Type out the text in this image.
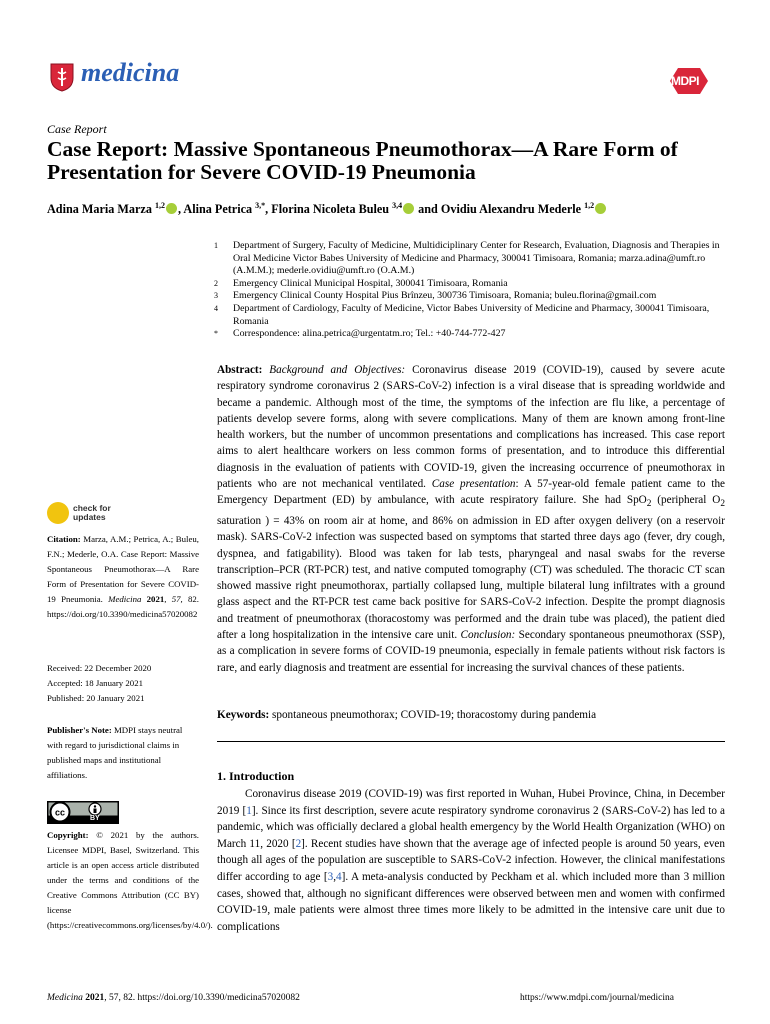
medicina	MDPI
Case Report
Case Report: Massive Spontaneous Pneumothorax—A Rare Form of Presentation for Severe COVID-19 Pneumonia
Adina Maria Marza $^{1,2}$ , Alina Petrica $^{3,*}$, Florina Nicoleta Buleu $^{3,4}$ and Ovidiu Alexandru Mederle $^{1,2}$
1	Department of Surgery, Faculty of Medicine, Multidiciplinary Center for Research, Evaluation, Diagnosis and Therapies in Oral Medicine Victor Babes University of Medicine and Pharmacy, 300041 Timisoara, Romania; marza.adina@umft.ro (A.M.M.); mederle.ovidiu@umft.ro (O.A.M.)
2	Emergency Clinical Municipal Hospital, 300041 Timisoara, Romania
3	Emergency Clinical County Hospital Pius Brînzeu, 300736 Timisoara, Romania; buleu.florina@gmail.com
4	Department of Cardiology, Faculty of Medicine, Victor Babes University of Medicine and Pharmacy, 300041 Timisoara, Romania
*	Correspondence: alina.petrica@urgentatm.ro; Tel.: +40-744-772-427
Abstract: Background and Objectives: Coronavirus disease 2019 (COVID-19), caused by severe acute respiratory syndrome coronavirus 2 (SARS-CoV-2) infection is a viral disease that is spreading worldwide and became a pandemic. Although most of the time, the symptoms of the infection are flu like, a percentage of patients develop severe forms, along with severe complications. Many of them are known among front-line health workers, but the number of uncommon presentations and complications has increased. This case report aims to alert healthcare workers on less common forms of presentation, and to introduce this differential diagnosis in the evaluation of patients with COVID-19, given the increasing occurrence of pneumothorax in patients who are not mechanical ventilated. Case presentation: A 57-year-old female patient came to the Emergency Department (ED) by ambulance, with acute respiratory failure. She had SpO$_2$ (peripheral $O_2$ saturation ) = 43% on room air at home, and 86% on admission in ED after oxygen delivery (on a reservoir mask). SARS-CoV-2 infection was suspected based on symptoms that started three days ago (fever, dry cough, dyspnea, and fatigability). Blood was taken for lab tests, pharyngeal and nasal swabs for the reverse transcription–PCR (RT-PCR) test, and native computed tomography (CT) was scheduled. The thoracic CT scan showed massive right pneumothorax, partially collapsed lung, multiple bilateral lung infiltrates with a ground glass aspect and the RT-PCR test came back positive for SARS-CoV-2 infection. Despite the prompt diagnosis and treatment of pneumothorax (thoracostomy was performed and the drain tube was placed), the patient died after a long hospitalization in the intensive care unit. Conclusion: Secondary spontaneous pneumothorax (SSP), as a complication in severe forms of COVID-19 pneumonia, especially in female patients without risk factors is rare, and early diagnosis and treatment are essential for increasing the survival chances of these patients.
Keywords: spontaneous pneumothorax; COVID-19; thoracostomy during pandemia
1. Introduction
Coronavirus disease 2019 (COVID-19) was first reported in Wuhan, Hubei Province, China, in December 2019 [1]. Since its first description, severe acute respiratory syndrome coronavirus 2 (SARS-CoV-2) has led to a pandemic, which was officially declared a global health emergency by the World Health Organization (WHO) on March 11, 2020 [2]. Recent studies have shown that the average age of infected people is around 50 years, even though all ages of the population are susceptible to SARS-CoV-2 infection. However, the clinical manifestations differ according to age [3,4]. A meta-analysis conducted by Peckham et al. which included more than 3 million cases, showed that, although no significant differences were observed between men and women with confirmed COVID-19, male patients were almost three times more likely to be admitted in the intensive care unit due to complications
check for
updates
Citation: Marza, A.M.; Petrica, A.; Buleu, F.N.; Mederle, O.A. Case Report: Massive Spontaneous Pneumothorax—A Rare Form of Presentation for Severe COVID-19 Pneumonia. Medicina 2021, 57, 82. https://doi.org/10.3390/medicina57020082
Received: 22 December 2020
Accepted: 18 January 2021
Published: 20 January 2021
Publisher's Note: MDPI stays neutral with regard to jurisdictional claims in published maps and institutional affiliations.
cc
BY
Copyright: © 2021 by the authors. Licensee MDPI, Basel, Switzerland. This article is an open access article distributed under the terms and conditions of the Creative Commons Attribution (CC BY) license (https://creativecommons.org/licenses/by/4.0/).
Medicina 2021, 57, 82. https://doi.org/10.3390/medicina57020082	https://www.mdpi.com/journal/medicina
